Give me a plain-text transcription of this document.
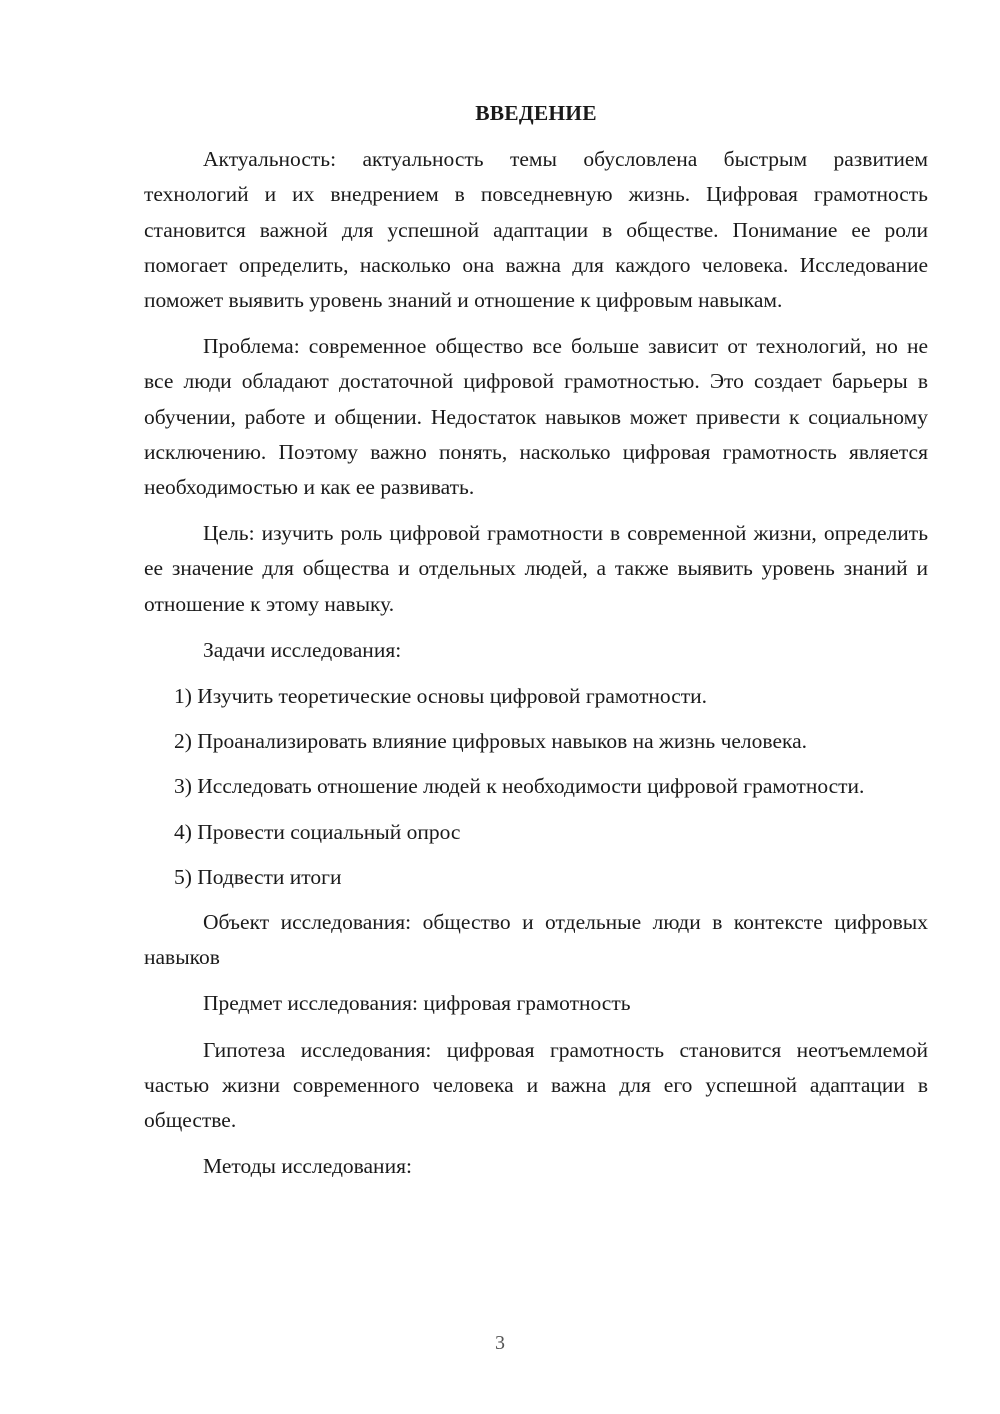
ВВЕДЕНИЕ
Актуальность: актуальность темы обусловлена быстрым развитием технологий и их внедрением в повседневную жизнь. Цифровая грамотность становится важной для успешной адаптации в обществе. Понимание ее роли помогает определить, насколько она важна для каждого человека. Исследование поможет выявить уровень знаний и отношение к цифровым навыкам.
Проблема: современное общество все больше зависит от технологий, но не все люди обладают достаточной цифровой грамотностью. Это создает барьеры в обучении, работе и общении. Недостаток навыков может привести к социальному исключению. Поэтому важно понять, насколько цифровая грамотность является необходимостью и как ее развивать.
Цель: изучить роль цифровой грамотности в современной жизни, определить ее значение для общества и отдельных людей, а также выявить уровень знаний и отношение к этому навыку.
Задачи исследования:
1) Изучить теоретические основы цифровой грамотности.
2) Проанализировать влияние цифровых навыков на жизнь человека.
3) Исследовать отношение людей к необходимости цифровой грамотности.
4) Провести социальный опрос
5) Подвести итоги
Объект исследования: общество и отдельные люди в контексте цифровых навыков
Предмет исследования: цифровая грамотность
Гипотеза исследования: цифровая грамотность становится неотъемлемой частью жизни современного человека и важна для его успешной адаптации в обществе.
Методы исследования:
3
